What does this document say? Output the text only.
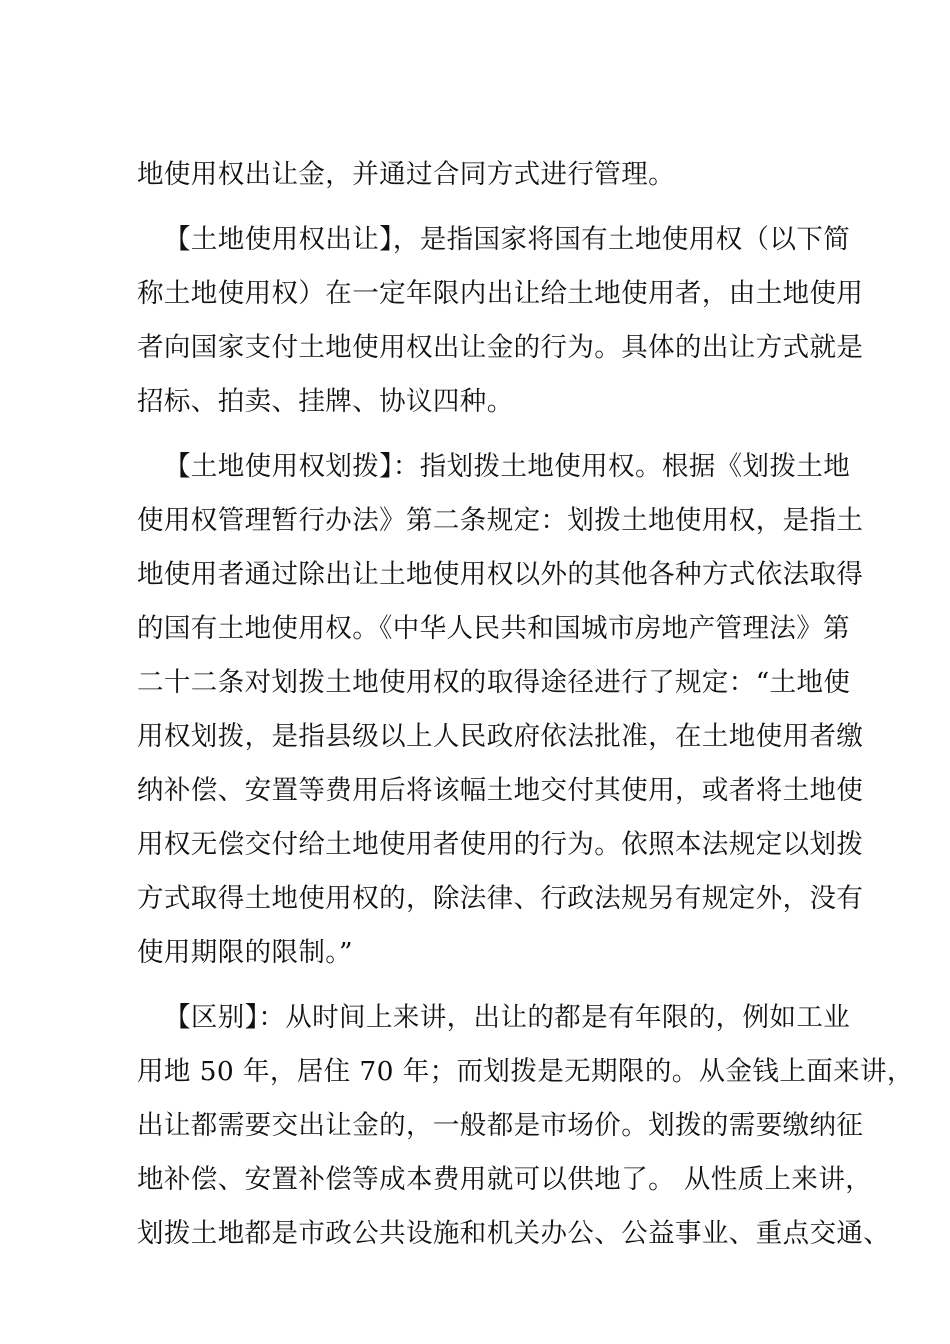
地使用权出让金，并通过合同方式进行管理。

【土地使用权出让】，是指国家将国有土地使用权（以下简
称土地使用权）在一定年限内出让给土地使用者，由土地使用
者向国家支付土地使用权出让金的行为。具体的出让方式就是
招标、拍卖、挂牌、协议四种。

【土地使用权划拨】：指划拨土地使用权。根据《划拨土地
使用权管理暂行办法》第二条规定：划拨土地使用权，是指土
地使用者通过除出让土地使用权以外的其他各种方式依法取得
的国有土地使用权。《中华人民共和国城市房地产管理法》第
二十二条对划拨土地使用权的取得途径进行了规定：“土地使
用权划拨，是指县级以上人民政府依法批准，在土地使用者缴
纳补偿、安置等费用后将该幅土地交付其使用，或者将土地使
用权无偿交付给土地使用者使用的行为。依照本法规定以划拨
方式取得土地使用权的，除法律、行政法规另有规定外，没有
使用期限的限制。”

【区别】：从时间上来讲，出让的都是有年限的，例如工业
用地 50 年，居住 70 年；而划拨是无期限的。从金钱上面来讲，
出让都需要交出让金的，一般都是市场价。划拨的需要缴纳征
地补偿、安置补偿等成本费用就可以供地了。 从性质上来讲，
划拨土地都是市政公共设施和机关办公、公益事业、重点交通、
